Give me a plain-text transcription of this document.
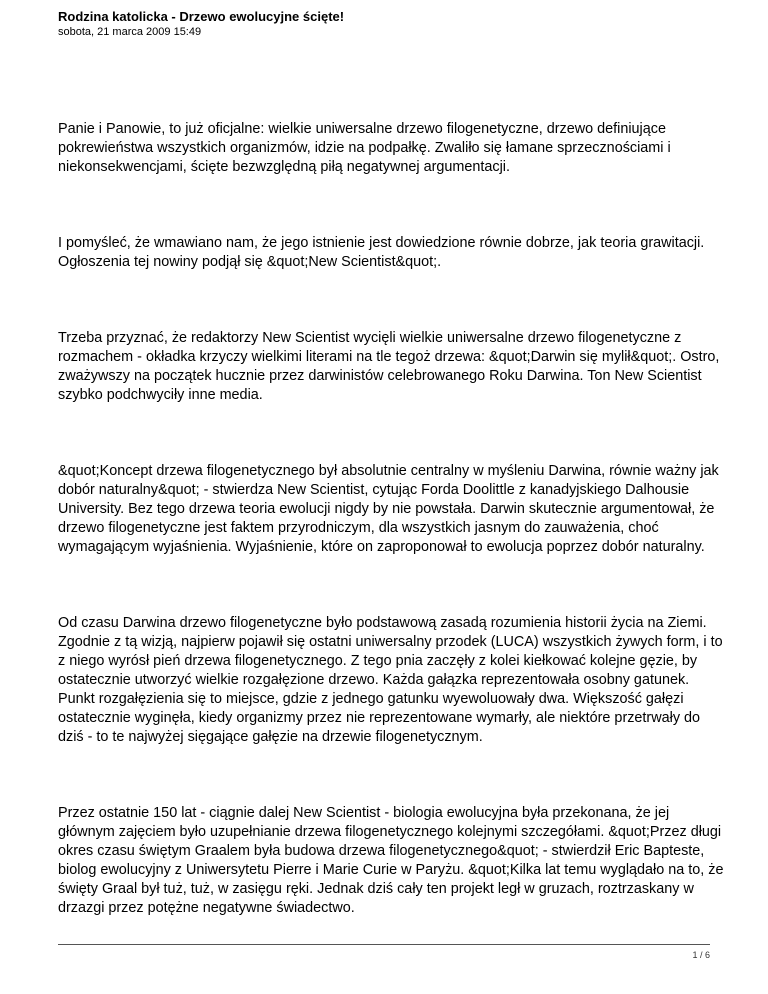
Rodzina katolicka - Drzewo ewolucyjne ścięte!
sobota, 21 marca 2009 15:49

Panie i Panowie, to już oficjalne: wielkie uniwersalne drzewo filogenetyczne, drzewo definiujące pokrewieństwa wszystkich organizmów, idzie na podpałkę. Zwaliło się łamane sprzecznościami i niekonsekwencjami, ścięte bezwzględną piłą negatywnej argumentacji.

I pomyśleć, że wmawiano nam, że jego istnienie jest dowiedzione równie dobrze, jak teoria grawitacji. Ogłoszenia tej nowiny podjął się &quot;New Scientist&quot;.

Trzeba przyznać, że redaktorzy New Scientist wycięli wielkie uniwersalne drzewo filogenetyczne z rozmachem - okładka krzyczy wielkimi literami na tle tegoż drzewa: &quot;Darwin się mylił&quot;. Ostro, zważywszy na początek hucznie przez darwinistów celebrowanego Roku Darwina. Ton New Scientist szybko podchwyciły inne media.

&quot;Koncept drzewa filogenetycznego był absolutnie centralny w myśleniu Darwina, równie ważny jak dobór naturalny&quot; - stwierdza New Scientist, cytując Forda Doolittle z kanadyjskiego Dalhousie University. Bez tego drzewa teoria ewolucji nigdy by nie powstała. Darwin skutecznie argumentował, że drzewo filogenetyczne jest faktem przyrodniczym, dla wszystkich jasnym do zauważenia, choć wymagającym wyjaśnienia. Wyjaśnienie, które on zaproponował to ewolucja poprzez dobór naturalny.

Od czasu Darwina drzewo filogenetyczne było podstawową zasadą rozumienia historii życia na Ziemi. Zgodnie z tą wizją, najpierw pojawił się ostatni uniwersalny przodek (LUCA) wszystkich żywych form, i to z niego wyrósł pień drzewa filogenetycznego. Z tego pnia zaczęły z kolei kiełkować kolejne gęzie, by ostatecznie utworzyć wielkie rozgałęzione drzewo. Każda gałązka reprezentowała osobny gatunek. Punkt rozgałęzienia się to miejsce, gdzie z jednego gatunku wyewoluowały dwa. Większość gałęzi ostatecznie wyginęła, kiedy organizmy przez nie reprezentowane wymarły, ale niektóre przetrwały do dziś - to te najwyżej sięgające gałęzie na drzewie filogenetycznym.

Przez ostatnie 150 lat - ciągnie dalej New Scientist - biologia ewolucyjna była przekonana, że jej głównym zajęciem było uzupełnianie drzewa filogenetycznego kolejnymi szczegółami. &quot;Przez długi okres czasu świętym Graalem była budowa drzewa filogenetycznego&quot; - stwierdził Eric Bapteste, biolog ewolucyjny z Uniwersytetu Pierre i Marie Curie w Paryżu. &quot;Kilka lat temu wyglądało na to, że święty Graal był tuż, tuż, w zasięgu ręki. Jednak dziś cały ten projekt legł w gruzach, roztrzaskany w drzazgi przez potężne negatywne świadectwo.

1 / 6
